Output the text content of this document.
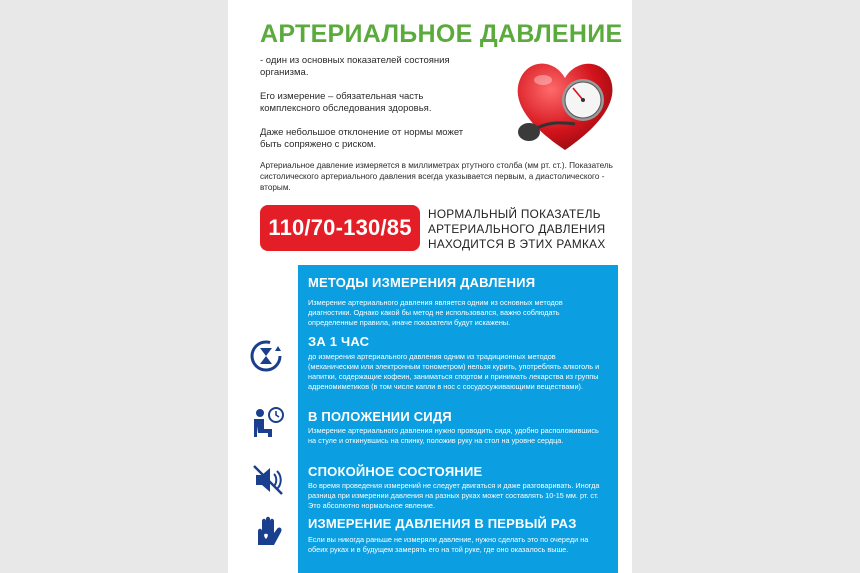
АРТЕРИАЛЬНОЕ ДАВЛЕНИЕ

- один из основных показателей состояния организма.

Его измерение – обязательная часть комплексного обследования здоровья.

Даже небольшое отклонение от нормы может быть сопряжено с риском.

Артериальное давление измеряется в миллиметрах ртутного столба (мм рт. ст.). Показатель систолического артериального давления всегда указывается первым, а диастолического - вторым.
110/70-130/85
НОРМАЛЬНЫЙ ПОКАЗАТЕЛЬ АРТЕРИАЛЬНОГО ДАВЛЕНИЯ НАХОДИТСЯ В ЭТИХ РАМКАХ
МЕТОДЫ ИЗМЕРЕНИЯ ДАВЛЕНИЯ

Измерение артериального давления является одним из основных методов диагностики. Однако какой бы метод не использовался, важно соблюдать определенные правила, иначе показатели будут искажены.

ЗА 1 ЧАС

до измерения артериального давления одним из традиционных методов (механическим или электронным тонометром) нельзя курить, употреблять алкоголь и напитки, содержащие кофеин, заниматься спортом и принимать лекарства из группы адреномиметиков (в том числе капли в нос с сосудосуживающими веществами).

В ПОЛОЖЕНИИ СИДЯ

Измерение артериального давления нужно проводить сидя, удобно расположившись на стуле и откинувшись на спинку, положив руку на стол на уровне сердца.

СПОКОЙНОЕ СОСТОЯНИЕ

Во время проведения измерений не следует двигаться и даже разговаривать. Иногда разница при измерении давления на разных руках может составлять 10-15 мм. рт. ст. Это абсолютно нормальное явление.

ИЗМЕРЕНИЕ ДАВЛЕНИЯ В ПЕРВЫЙ РАЗ

Если вы никогда раньше не измеряли давление, нужно сделать это по очереди на обеих руках и в будущем замерять его на той руке, где оно оказалось выше.
